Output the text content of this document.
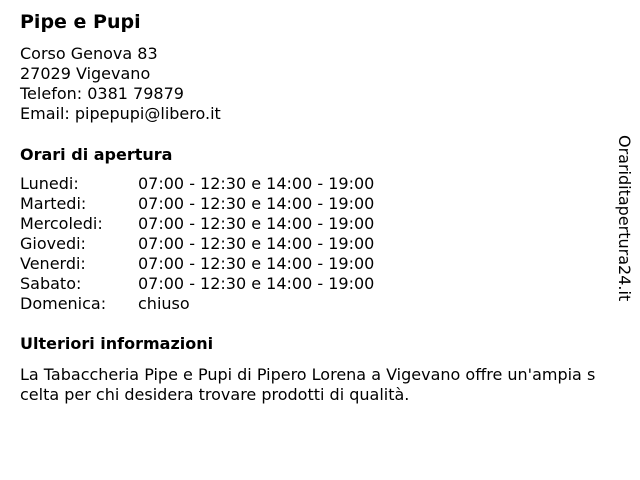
Pipe e Pupi
Corso Genova 83
27029 Vigevano
Telefon: 0381 79879
Email: pipepupi@libero.it
Orari di apertura
Lunedi:	07:00 - 12:30 e 14:00 - 19:00
Martedi:	07:00 - 12:30 e 14:00 - 19:00
Mercoledi: 07:00 - 12:30 e 14:00 - 19:00
Giovedi:	07:00 - 12:30 e 14:00 - 19:00
Venerdi:	07:00 - 12:30 e 14:00 - 19:00
Sabato:	07:00 - 12:30 e 14:00 - 19:00
Domenica: chiuso
Ulteriori informazioni

La Tabaccheria Pipe e Pupi di Pipero Lorena a Vigevano offre un'ampia scelta per chi desidera trovare prodotti di qualità.

Orariditapertura24.it
